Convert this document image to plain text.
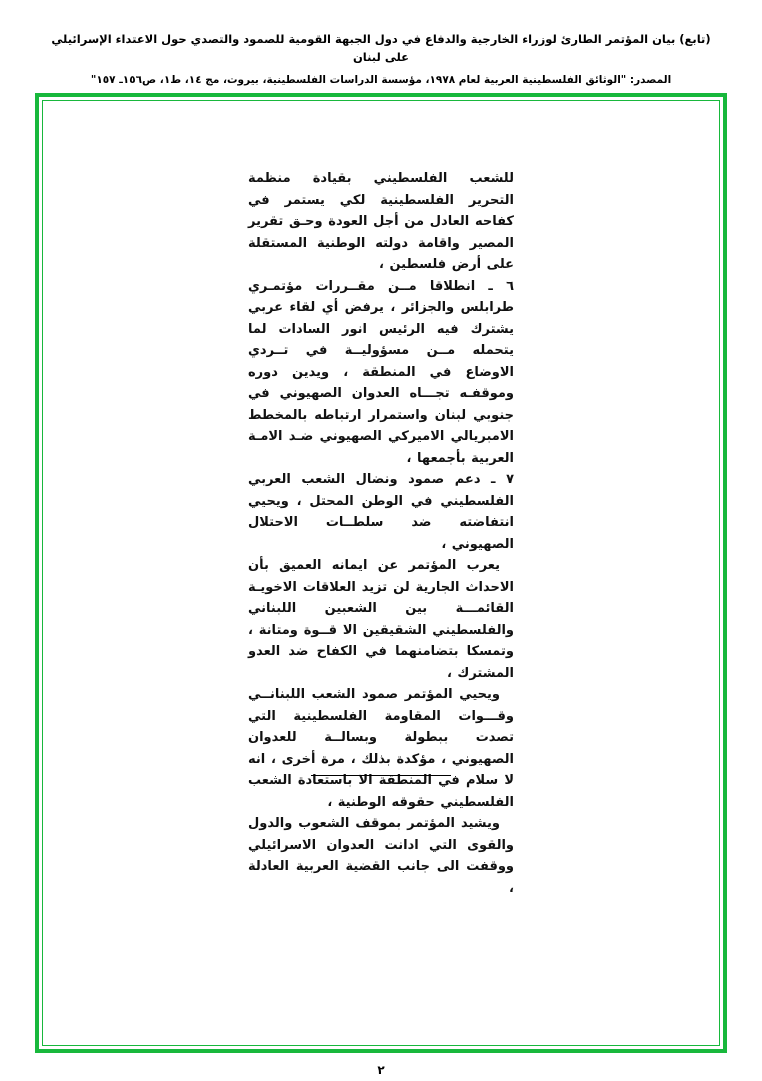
(تابع) بيان المؤتمر الطارئ لوزراء الخارجية والدفاع في دول الجبهة القومية للصمود والتصدي حول الاعتداء الإسرائيلي على لبنان
المصدر: "الوثائق الفلسطينية العربية لعام ١٩٧٨، مؤسسة الدراسات الفلسطينية، بيروت، مج ١٤، ط١، ص١٥٦ـ ١٥٧"

للشعب الفلسطيني بقيادة منظمة التحرير الفلسطينية لكي يستمر في كفاحه العادل من أجل العودة وحـق تقرير المصير واقامة دولته الوطنية المستقلة على أرض فلسطين ،

٦ ـ انطلاقا مــن مقــررات مؤتمـري طرابلس والجزائر ، يرفض أي لقاء عربي يشترك فيه الرئيس انور السادات لما يتحمله مــن مسؤوليــة في تــردي الاوضاع في المنطقة ، ويدين دوره وموقفـه تجـــاه العدوان الصهيوني في جنوبي لبنان واستمرار ارتباطه بالمخطط الامبريالي الاميركي الصهيوني ضـد الامـة العربية بأجمعها ،

٧ ـ دعم صمود ونضال الشعب العربي الفلسطيني في الوطن المحتل ، ويحيي انتفاضته ضد سلطــات الاحتلال الصهيوني ،

يعرب المؤتمر عن ايمانه العميق بأن الاحداث الجارية لن تزيد العلاقات الاخويـة القائمـــة بين الشعبين اللبناني والفلسطيني الشقيقين الا قــوة ومتانة ، وتمسكا بتضامنهما في الكفاح ضد العدو المشترك ،

ويحيي المؤتمر صمود الشعب اللبنانــي وقـــوات المقاومة الفلسطينية التي تصدت ببطولة وبسالــة للعدوان الصهيوني ، مؤكدة بذلك ، مرة أخرى ، انه لا سلام في المنطقة الا باستعادة الشعب الفلسطيني حقوقه الوطنية ،

ويشيد المؤتمر بموقف الشعوب والدول والقوى التي ادانت العدوان الاسرائيلي ووقفت الى جانب القضية العربية العادلة ،

٢
